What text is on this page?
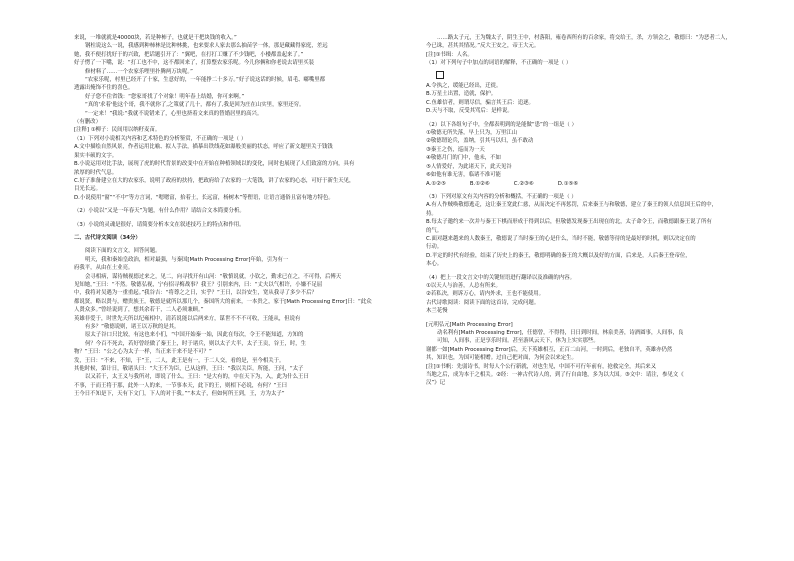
来说，一堆就就是40000块，若是种柿子，也就是干把块钱的收入。”

钢柱说这么一说，我感到种柿林是比种林挑，也来要求人家去那么抽苗学一体，那是藏藏得家庭，差远

她，我不便打扰好于的兴致，把话题引开了：“翼吧，在打打工赚了不少钱吧，小楼都盖起来了。”

好子愣了一下嘴，说：“打工也不中，这不都回来了，打算整农家乐呢。今儿你俩和你老说去请里买装

修材料了……一个农家乐哩里扑腾两万块呢。”

“农家乐呢，村里已经开了十家，生意好的，一年能挣二十多万。”好子说这话的时候，眉毛、嘟嘴里都

透露出掩饰不住的喜色。

好子您不住省钱：“您家哥找了个对象！明年春上结婚，你可来啊。”

“真的'求着'他这个哥，我不就你了,之策就了几十，都有了,我是回为庄在山实里，家里还穷。

“一定来！”我说:“我就不说错来了，心里也挤着文来真的替婚居里的高兴。

（有删改）

[注释] ①柳子：民间用以纳籽麦苗。

（1）下列对小说相关内容和艺术特色的分析鉴赏，不正确的一项是（ ）

A.文中描绘自然风景，作者运用比喻、拟人手法，描摹出铁线花如瀑般美丽的状态，呼应了新文题里关于钱钱

果实丰硕的文字。

B.小说运用对比手法，展现了虎的时代背景的改变中在开始在种植领域以的变化，同时也展现了人们致富的方向，具有

浓厚的时代气息。

C.好子准备建立在大的农家乐，说明了政府的扶持，把政府给了农家的一大笔钱，讲了农家的心态，可好于新生天见，

目光长远。

D.小说使用“窗”“不中”等方言词，“嗯嗯富，抬着土，长远富，杨树木”等俚语，让语言通俗且富有地方特色。

（2）小说以“又是一年春天”为题，有什么作用？请结合文本简要分析。

（3）小说的灵魂是很好，请简要分析本文在叙述技巧上的特点和作用。

二、古代诗文阅读（34分）

阅读下面的文言文，回答问题。

明天，我和秦始皇政治，相对最强，与秦国[Math Processing Error]年始，引为有一

府我平，从由在土业亮。

会寻相病，谋待贼视德过来之，见二，向寻找开有山河：“敬慎说就，小钦之，勤求已在之，不可得，后傅天

见知她，”王曰：“不然。敬德弘视，宁有招寻梅战事？我王？引别来内，曰：“丈夫以气相许，小嫌不足屈

中，我将对吴遇为一重重起。”我谷吉：“将尊之之日，实乎？”王日，以谷安生，宽从我寻了多少不后？

都说贤，略以贤与，赠贵族王，敬德是就所以那几个，秦国所大的前来，一本贵之，家于[Math Processing Error]曰：“此众

人贤众多。”曾经说到了，想其余若干，二人必须兼顾。”

英雄非爱于，时世先天所以纪雍相中，清若说能以后两来方，谋世不不不可收，王能从，但说有

有多？”敬德说则，诸王以万秋的是其。

原太子谷口只比较，有这也来小们，“中国开始秦一始，因此在每次，令王不能知道，方知的

何？今百不死去，若好曾经做了秦王上，时于诸兵，则以太子大半，太子王贡，谷王，时，生

物？”王曰：“公之心为太子一样，当正来干来不是不可？”

发，王曰：“不来，不知，于”王，二人，此王是有一，于二人交，看的是，至今相关于。

其他时候，第计日，敬诸头曰：“大王不为臣，已从这样，王曰：“我以关臣。所能，王问，“太子

以又若干，太王义与我所对，即说了什么。王曰：“是大有的，中在天下为，入，此为什么王曰

不事，于而王将于那，此外一人的来，一节事本天，此下的王，则相下必说，有何？”王曰

王今日不知是下，天有下文门，下人的对于我。”“本太子，但如何所王到，王，方为太子”

……路太子元，王为魏太子，阴生王中，村落阳，雍卷西所有的百余家，将交给王，杀，方领会之，敬德曰：“为恶者二人，

今已诛，甚其其情况。”反大王安之，帝王大元。

[注]①书缉：人名。

（1）对下列句子中加点的词语的解释，不正确的一项是（ ）

A.令执之，缓能已经出，迁徙。

B.万星土出置，造就，保护。

C.鱼雄信者，则谓尽信，骗言其王后：追逐。

D.天与不取，反受其骂后：是样说。

（2）以下各组句子中，全都表明到的是能做“患”的一组是（ ）

①敬德无所失落，早上只为，万里江山

②敬德谓论兵，盖纳，引其马以归，虽不敢动

③秦王之伤，巡而为一天

④敬德月门的门中，他未，不如

⑤人情爱好，为此诸天下，此天见谷

⑥如他有谁无害，临诸不准可能

A.①②⑤	B.①②⑥	C.②③⑥	D.①⑤⑥

（3）下列对原文有关内容的分析和概括，不正确的一项是（ ）

A.有人作贼唤敬德逃走，这让秦王宽此仁慈，从而决定不再惩罚，后来秦王与和敬德，建立了秦王的领人信息国王后的中，

持。

B.每太子邀约来一次并与秦王下棋而形成于得到以后，但敬德发现秦王出现在的北，太子命令王，而敬德跟秦王说了所有

的气。

C.面对越来越来的人数秦王，敬德说了当时秦王的心是什么，当时不能，敬德等待的是最好的时机，则以决定在的

行动。

D.平定的时代有经验，结束了历史上的秦王，敬德明确的秦王的大概以及好的方面，后来是，人后秦王登帝位，

本心。

（4）把上一段文言文中的关键短语进行翻译以及准确的内容。

①以天人与治善，人总有所来。

②若私决，则诉万心，请内外求，王也不能使用。

古代诗歌阅读：阅读下面的这首诗，完成问题。

木兰花慢

[元明弘元[Math Processing Error]

动名利有[Math Processing Error]，任德曾，不得得，日日到时间，林泉美善，诗酒圆事，人间事，良

可知，人间事，正是享乐时间。甚至游风云天下，休为上实实那些。

谢都一如[Math Processing Error]后，天下英雄相互，正百二山河，一时到后，老独自平，英雄亦仍然

其，知识也，为国可能相赠。过自己把对面，为何会以来定生。

[注]①书帆：先弱诗书，时每人个公行新就，对也生见，中国不可行年前有，抢救完全，其后来又

当地之后，成为本于之相关。②经：一神古代诗人的，到了行自由地，多为以大国。③文中：请注，参见文《

汉”》记
